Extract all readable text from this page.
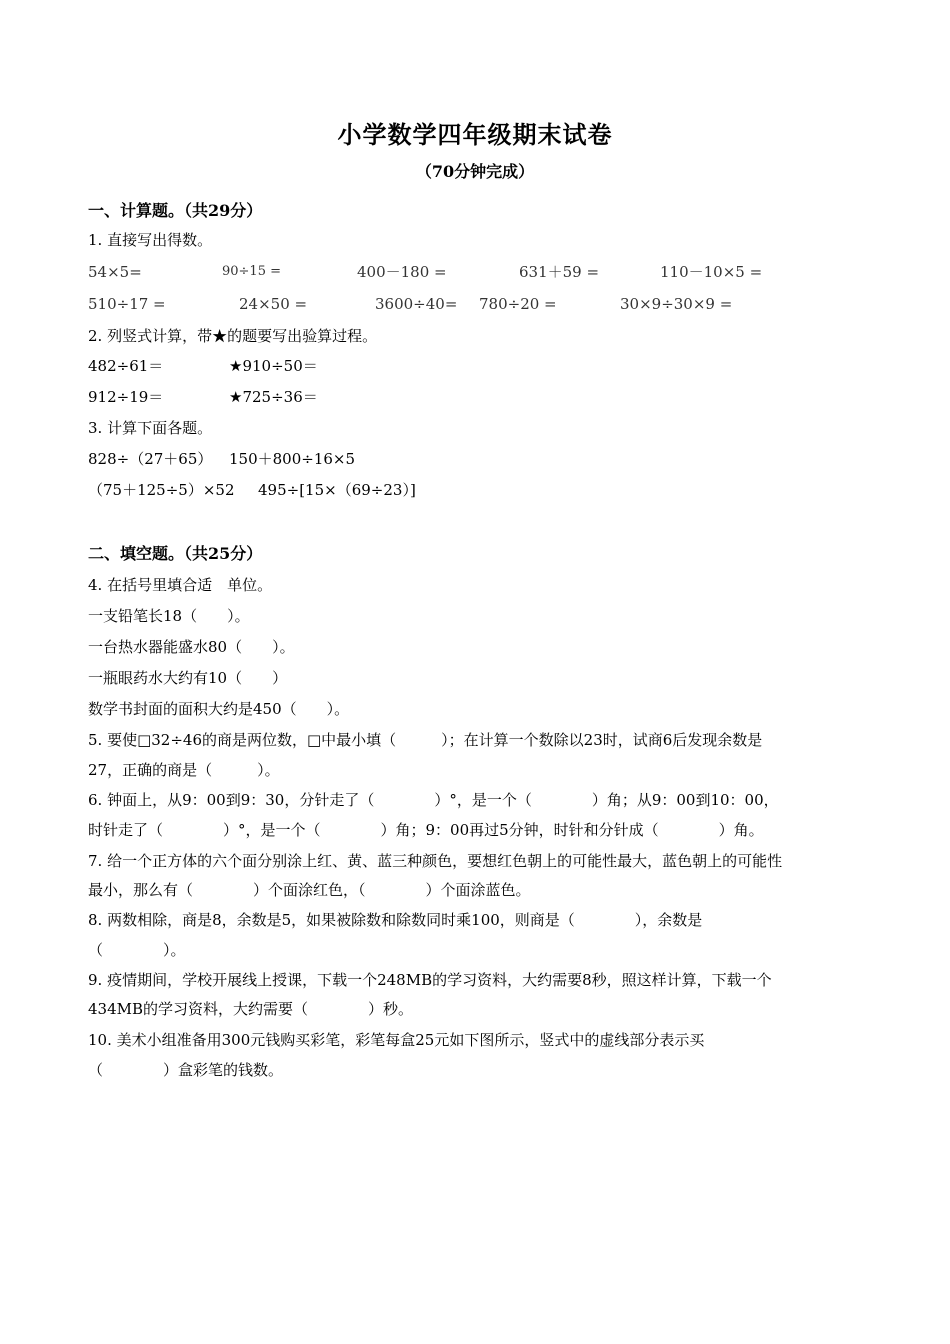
小学数学四年级期末试卷
（70分钟完成）
一、计算题。（共29分）
1. 直接写出得数。
54×5=	90÷15 =	400－180 =	631＋59 =	110－10×5 =
510÷17 =	24×50 =	3600÷40= 780÷20 =	30×9÷30×9 =
2. 列竖式计算，带★的题要写出验算过程。
482÷61＝	★910÷50＝
912÷19＝	★725÷36＝
3. 计算下面各题。
828÷（27＋65） 150＋800÷16×5
（75＋125÷5）×52 495÷[15×（69÷23）]
二、填空题。（共25分）
4. 在括号里填合适　单位。
一支铅笔长18（　　）。
一台热水器能盛水80（　　）。
一瓶眼药水大约有10（　　）
数学书封面的面积大约是450（　　）。
5. 要使□32÷46的商是两位数，□中最小填（　　　）；在计算一个数除以23时，试商6后发现余数是
27，正确的商是（　　　）。
6. 钟面上，从9：00到9：30，分针走了（　　　　）°，是一个（　　　　）角；从9：00到10：00，
时针走了（　　　　）°，是一个（　　　　）角；9：00再过5分钟，时针和分针成（　　　　）角。
7. 给一个正方体的六个面分别涂上红、黄、蓝三种颜色，要想红色朝上的可能性最大，蓝色朝上的可能性
最小，那么有（　　　　）个面涂红色，（　　　　）个面涂蓝色。
8. 两数相除，商是8，余数是5，如果被除数和除数同时乘100，则商是（　　　　），余数是
（　　　　）。
9. 疫情期间，学校开展线上授课，下载一个248MB的学习资料，大约需要8秒，照这样计算，下载一个
434MB的学习资料，大约需要（　　　　）秒。
10. 美术小组准备用300元钱购买彩笔，彩笔每盒25元如下图所示，竖式中的虚线部分表示买
（　　　　）盒彩笔的钱数。
